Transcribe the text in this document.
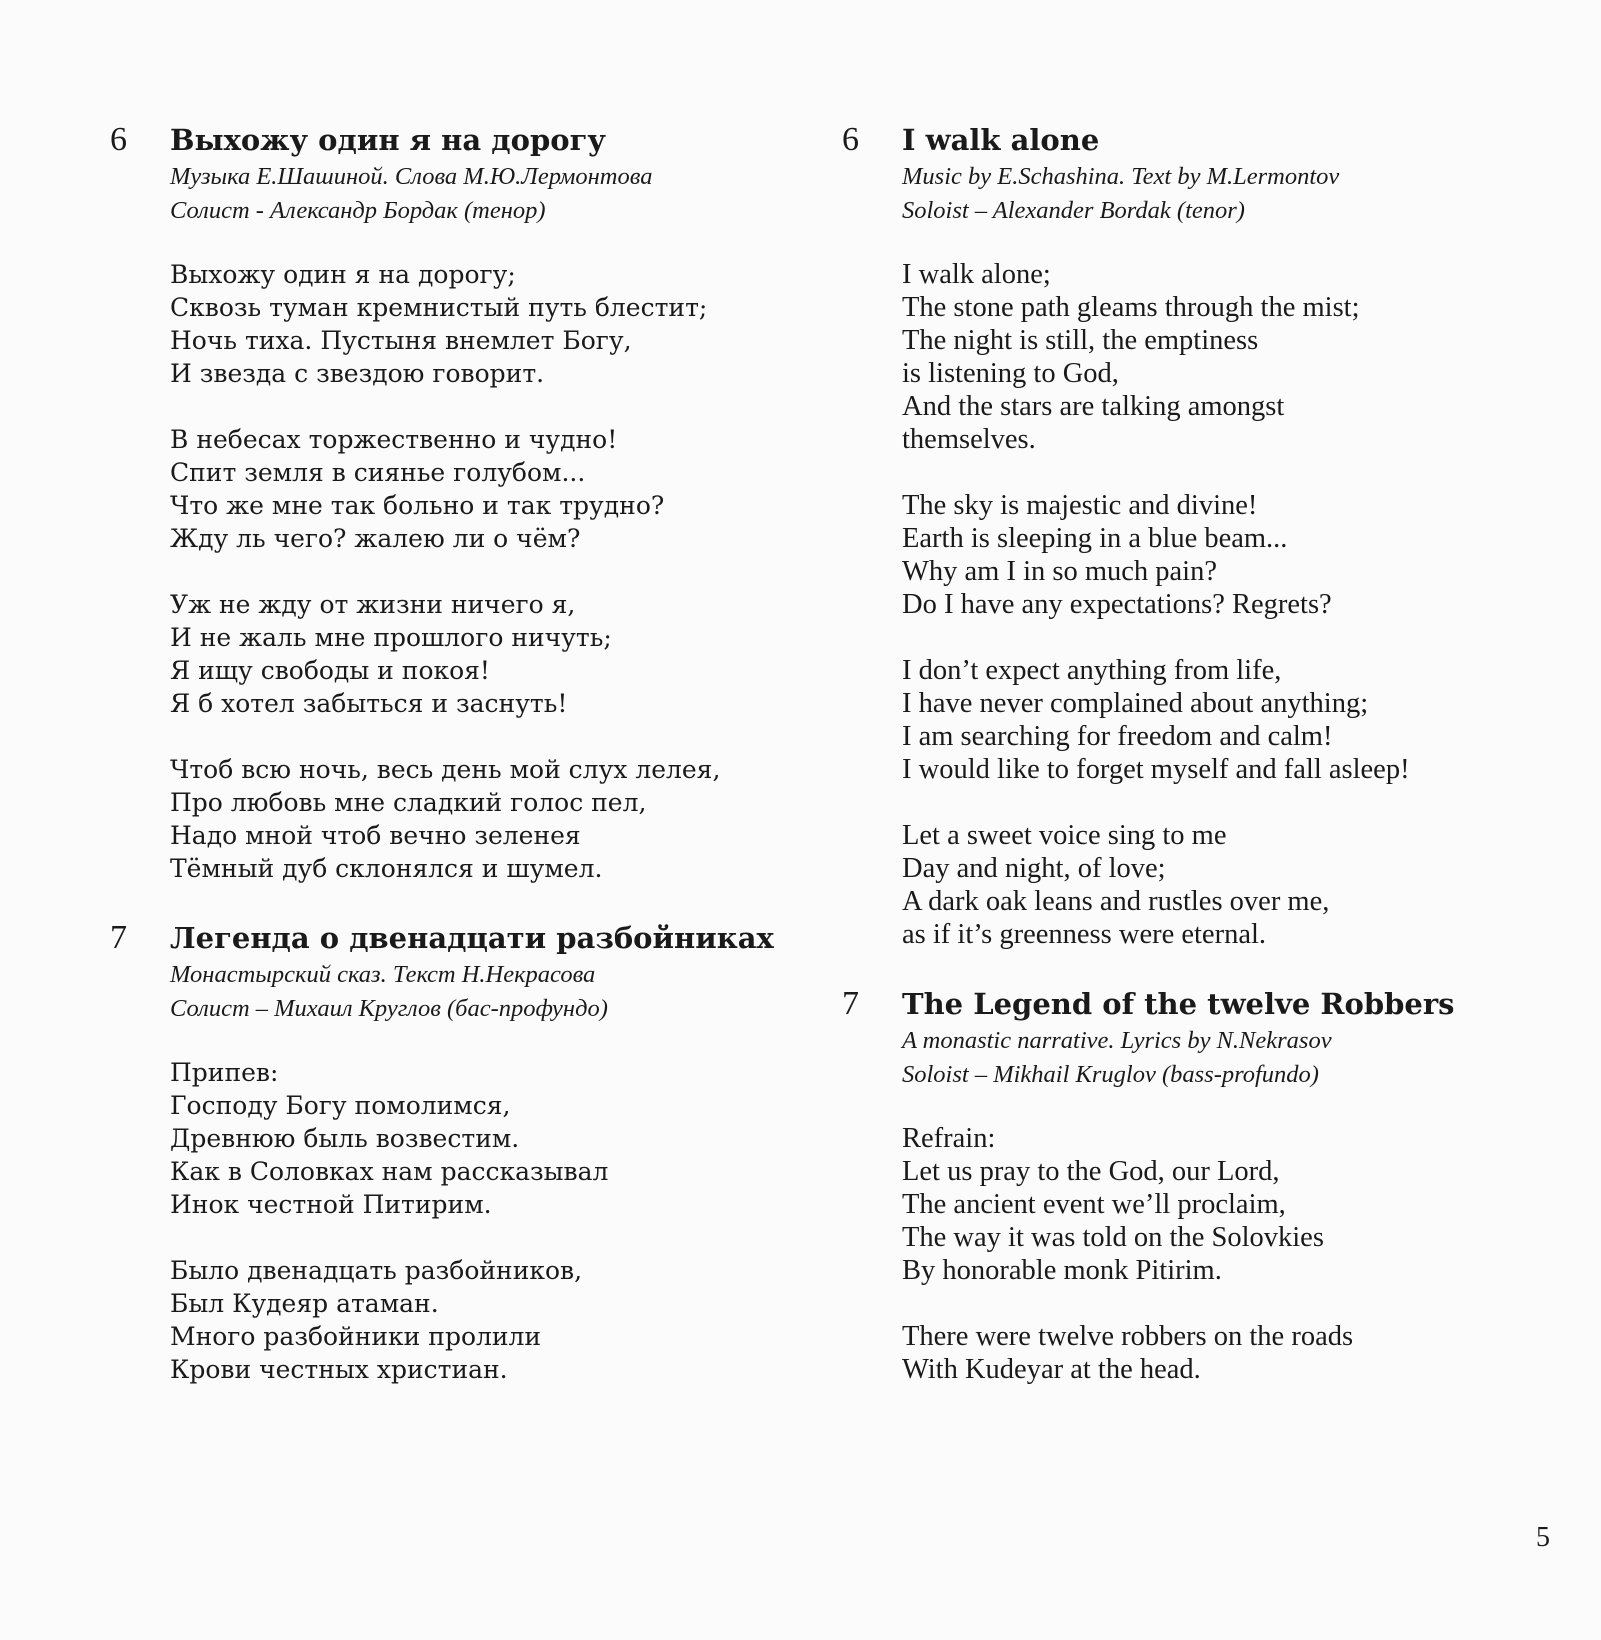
6 Выхожу один я на дорогу
Музыка Е.Шашиной. Слова М.Ю.Лермонтова
Солист - Александр Бордак (тенор)
Выхожу один я на дорогу;
Сквозь туман кремнистый путь блестит;
Ночь тиха. Пустыня внемлет Богу,
И звезда с звездою говорит.
В небесах торжественно и чудно!
Спит земля в сиянье голубом...
Что же мне так больно и так трудно?
Жду ль чего? жалею ли о чём?
Уж не жду от жизни ничего я,
И не жаль мне прошлого ничуть;
Я ищу свободы и покоя!
Я б хотел забыться и заснуть!
Чтоб всю ночь, весь день мой слух лелея,
Про любовь мне сладкий голос пел,
Надо мной чтоб вечно зеленея
Тёмный дуб склонялся и шумел.
7 Легенда о двенадцати разбойниках
Монастырский сказ. Текст Н.Некрасова
Солист – Михаил Круглов (бас-профундо)
Припев:
Господу Богу помолимся,
Древнюю быль возвестим.
Как в Соловках нам рассказывал
Инок честной Питирим.
Было двенадцать разбойников,
Был Кудеяр атаман.
Много разбойники пролили
Крови честных христиан.
6 I walk alone
Music by E.Schashina. Text by M.Lermontov
Soloist – Alexander Bordak (tenor)
I walk alone;
The stone path gleams through the mist;
The night is still, the emptiness
is listening to God,
And the stars are talking amongst
themselves.
The sky is majestic and divine!
Earth is sleeping in a blue beam...
Why am I in so much pain?
Do I have any expectations? Regrets?
I don’t expect anything from life,
I have never complained about anything;
I am searching for freedom and calm!
I would like to forget myself and fall asleep!
Let a sweet voice sing to me
Day and night, of love;
A dark oak leans and rustles over me,
as if it’s greenness were eternal.
7 The Legend of the twelve Robbers
A monastic narrative. Lyrics by N.Nekrasov
Soloist – Mikhail Kruglov (bass-profundo)
Refrain:
Let us pray to the God, our Lord,
The ancient event we’ll proclaim,
The way it was told on the Solovkies
By honorable monk Pitirim.
There were twelve robbers on the roads
With Kudeyar at the head.
5
